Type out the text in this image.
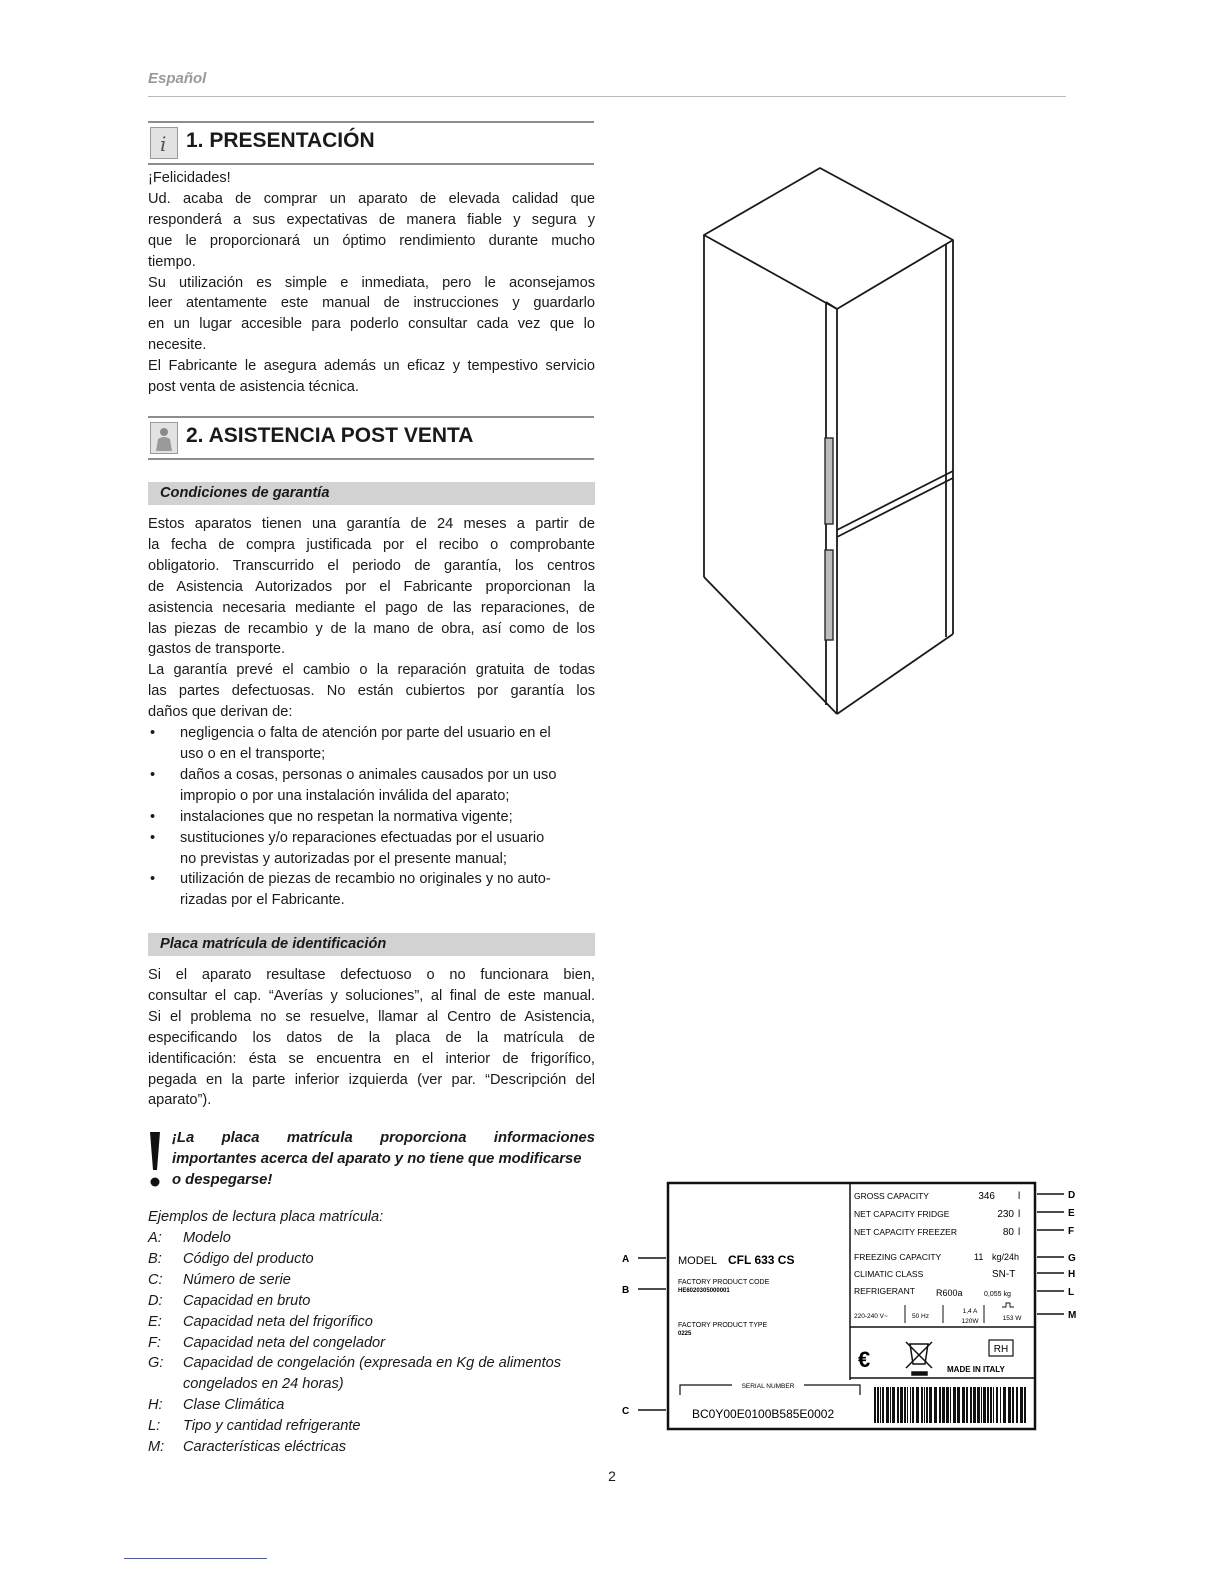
Español
i 1. PRESENTACIÓN
¡Felicidades!
Ud. acaba de comprar un aparato de elevada calidad que
responderá a sus expectativas de manera fiable y segura y
que le proporcionará un óptimo rendimiento durante mucho
tiempo.
Su utilización es simple e inmediata, pero le aconsejamos
leer atentamente este manual de instrucciones y guardarlo
en un lugar accesible para poderlo consultar cada vez que lo
necesite.
El Fabricante le asegura además un eficaz y tempestivo servicio
post venta de asistencia técnica.
2. ASISTENCIA POST VENTA
Condiciones de garantía
Estos aparatos tienen una garantía de 24 meses a partir de
la fecha de compra justificada por el recibo o comprobante
obligatorio. Transcurrido el periodo de garantía, los centros
de Asistencia Autorizados por el Fabricante proporcionan la
asistencia necesaria mediante el pago de las reparaciones, de
las piezas de recambio y de la mano de obra, así como de los
gastos de transporte.
La garantía prevé el cambio o la reparación gratuita de todas
las partes defectuosas. No están cubiertos por garantía los
daños que derivan de:
• negligencia o falta de atención por parte del usuario en el
uso o en el transporte;
• daños a cosas, personas o animales causados por un uso
impropio o por una instalación inválida del aparato;
• instalaciones que no respetan la normativa vigente;
• sustituciones y/o reparaciones efectuadas por el usuario
no previstas y autorizadas por el presente manual;
• utilización de piezas de recambio no originales y no auto-
rizadas por el Fabricante.
Placa matrícula de identificación
Si el aparato resultase defectuoso o no funcionara bien,
consultar el cap. “Averías y soluciones”, al final de este manual.
Si el problema no se resuelve, llamar al Centro de Asistencia,
especificando los datos de la placa de la matrícula de
identificación: ésta se encuentra en el interior de frigorífico,
pegada en la parte inferior izquierda (ver par. “Descripción del
aparato”).
¡La placa matrícula proporciona informaciones
importantes acerca del aparato y no tiene que modificarse
o despegarse!
Ejemplos de lectura placa matrícula:
A: Modelo
B: Código del producto
C: Número de serie
D: Capacidad en bruto
E: Capacidad neta del frigorífico
F: Capacidad neta del congelador
G: Capacidad de congelación (expresada en Kg de alimentos
congelados en 24 horas)
H: Clase Climática
L: Tipo y cantidad refrigerante
M: Características eléctricas
MODEL CFL 633 CS
FACTORY PRODUCT CODE
HE6020305000001
FACTORY PRODUCT TYPE
0225
SERIAL NUMBER
BC0Y00E0100B585E0002
GROSS CAPACITY	346 l
NET CAPACITY FRIDGE	230 l
NET CAPACITY FREEZER	80 l
FREEZING CAPACITY	11 kg/24h
CLIMATIC CLASS	SN-T
REFRIGERANT R600a	0,055 kg
220-240 V~	50 Hz
1,4 A
120W	153 W
€	RH
MADE IN ITALY
A
B
C
D
E
F
G
H
L
M
2
